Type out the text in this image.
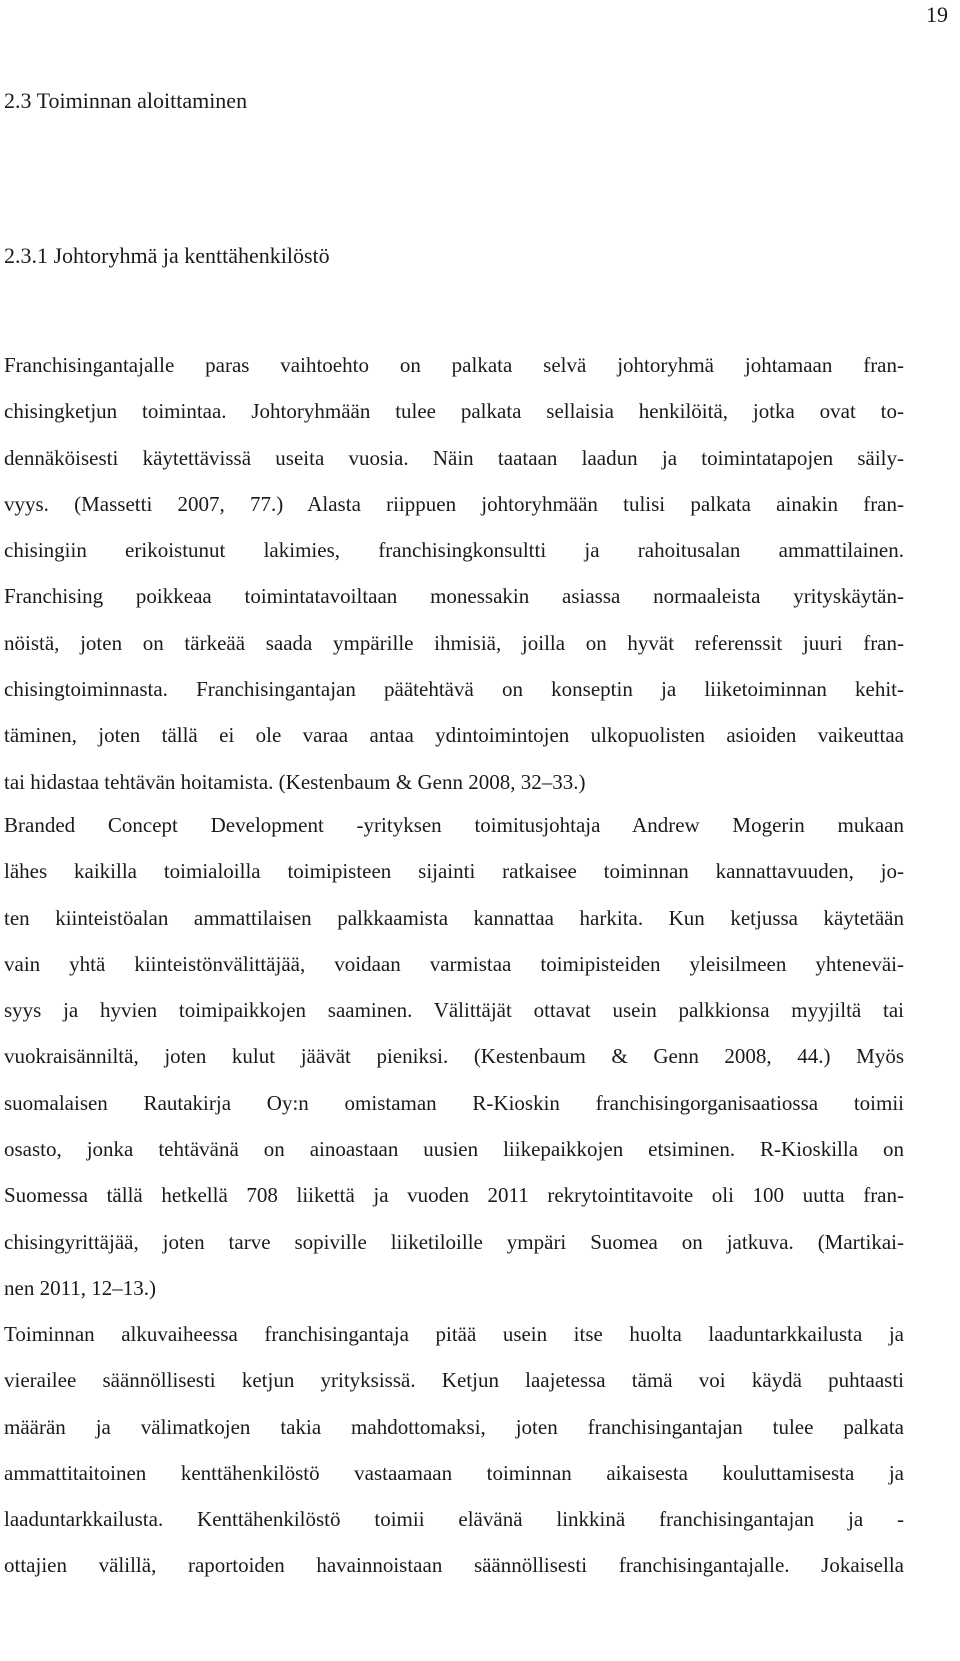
19
2.3 Toiminnan aloittaminen
2.3.1 Johtoryhmä ja kenttähenkilöstö
Franchisingantajalle paras vaihtoehto on palkata selvä johtoryhmä johtamaan fran-
chisingketjun toimintaa. Johtoryhmään tulee palkata sellaisia henkilöitä, jotka ovat to-
dennäköisesti käytettävissä useita vuosia. Näin taataan laadun ja toimintatapojen säily-
vyys. (Massetti 2007, 77.) Alasta riippuen johtoryhmään tulisi palkata ainakin fran-
chisingiin erikoistunut lakimies, franchisingkonsultti ja rahoitusalan ammattilainen.
Franchising poikkeaa toimintatavoiltaan monessakin asiassa normaaleista yrityskäytän-
nöistä, joten on tärkeää saada ympärille ihmisiä, joilla on hyvät referenssit juuri fran-
chisingtoiminnasta. Franchisingantajan päätehtävä on konseptin ja liiketoiminnan kehit-
täminen, joten tällä ei ole varaa antaa ydintoimintojen ulkopuolisten asioiden vaikeuttaa
tai hidastaa tehtävän hoitamista. (Kestenbaum & Genn 2008, 32–33.)
Branded Concept Development -yrityksen toimitusjohtaja Andrew Mogerin mukaan
lähes kaikilla toimialoilla toimipisteen sijainti ratkaisee toiminnan kannattavuuden, jo-
ten kiinteistöalan ammattilaisen palkkaamista kannattaa harkita. Kun ketjussa käytetään
vain yhtä kiinteistönvälittäjää, voidaan varmistaa toimipisteiden yleisilmeen yhteneväi-
syys ja hyvien toimipaikkojen saaminen. Välittäjät ottavat usein palkkionsa myyjiltä tai
vuokraisänniltä, joten kulut jäävät pieniksi. (Kestenbaum & Genn 2008, 44.) Myös
suomalaisen Rautakirja Oy:n omistaman R-Kioskin franchisingorganisaatiossa toimii
osasto, jonka tehtävänä on ainoastaan uusien liikepaikkojen etsiminen. R-Kioskilla on
Suomessa tällä hetkellä 708 liikettä ja vuoden 2011 rekrytointitavoite oli 100 uutta fran-
chisingyrittäjää, joten tarve sopiville liiketiloille ympäri Suomea on jatkuva. (Martikai-
nen 2011, 12–13.)
Toiminnan alkuvaiheessa franchisingantaja pitää usein itse huolta laaduntarkkailusta ja
vierailee säännöllisesti ketjun yrityksissä. Ketjun laajetessa tämä voi käydä puhtaasti
määrän ja välimatkojen takia mahdottomaksi, joten franchisingantajan tulee palkata
ammattitaitoinen kenttähenkilöstö vastaamaan toiminnan aikaisesta kouluttamisesta ja
laaduntarkkailusta. Kenttähenkilöstö toimii elävänä linkkinä franchisingantajan ja -
ottajien välillä, raportoiden havainnoistaan säännöllisesti franchisingantajalle. Jokaisella
